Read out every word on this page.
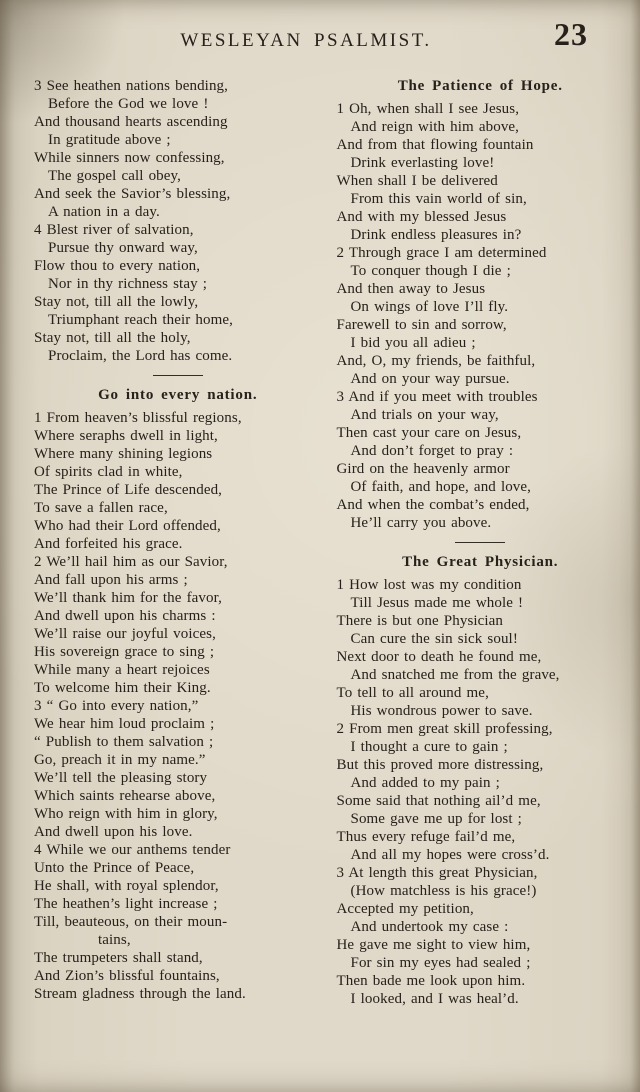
WESLEYAN PSALMIST.	23
3 See heathen nations bending,
Before the God we love !
And thousand hearts ascending
In gratitude above ;
While sinners now confessing,
The gospel call obey,
And seek the Savior’s blessing,
A nation in a day.
4 Blest river of salvation,
Pursue thy onward way,
Flow thou to every nation,
Nor in thy richness stay ;
Stay not, till all the lowly,
Triumphant reach their home,
Stay not, till all the holy,
Proclaim, the Lord has come.
Go into every nation.
1 From heaven’s blissful regions,
Where seraphs dwell in light,
Where many shining legions
Of spirits clad in white,
The Prince of Life descended,
To save a fallen race,
Who had their Lord offended,
And forfeited his grace.
2 We’ll hail him as our Savior,
And fall upon his arms ;
We’ll thank him for the favor,
And dwell upon his charms :
We’ll raise our joyful voices,
His sovereign grace to sing ;
While many a heart rejoices
To welcome him their King.
3 “ Go into every nation,”
We hear him loud proclaim ;
“ Publish to them salvation ;
Go, preach it in my name.”
We’ll tell the pleasing story
Which saints rehearse above,
Who reign with him in glory,
And dwell upon his love.
4 While we our anthems tender
Unto the Prince of Peace,
He shall, with royal splendor,
The heathen’s light increase ;
Till, beauteous, on their moun-
tains,
The trumpeters shall stand,
And Zion’s blissful fountains,
Stream gladness through the land.
The Patience of Hope.
1 Oh, when shall I see Jesus,
And reign with him above,
And from that flowing fountain
Drink everlasting love!
When shall I be delivered
From this vain world of sin,
And with my blessed Jesus
Drink endless pleasures in?
2 Through grace I am determined
To conquer though I die ;
And then away to Jesus
On wings of love I’ll fly.
Farewell to sin and sorrow,
I bid you all adieu ;
And, O, my friends, be faithful,
And on your way pursue.
3 And if you meet with troubles
And trials on your way,
Then cast your care on Jesus,
And don’t forget to pray :
Gird on the heavenly armor
Of faith, and hope, and love,
And when the combat’s ended,
He’ll carry you above.
The Great Physician.
1 How lost was my condition
Till Jesus made me whole !
There is but one Physician
Can cure the sin sick soul!
Next door to death he found me,
And snatched me from the grave,
To tell to all around me,
His wondrous power to save.
2 From men great skill professing,
I thought a cure to gain ;
But this proved more distressing,
And added to my pain ;
Some said that nothing ail’d me,
Some gave me up for lost ;
Thus every refuge fail’d me,
And all my hopes were cross’d.
3 At length this great Physician,
(How matchless is his grace!)
Accepted my petition,
And undertook my case :
He gave me sight to view him,
For sin my eyes had sealed ;
Then bade me look upon him.
I looked, and I was heal’d.
